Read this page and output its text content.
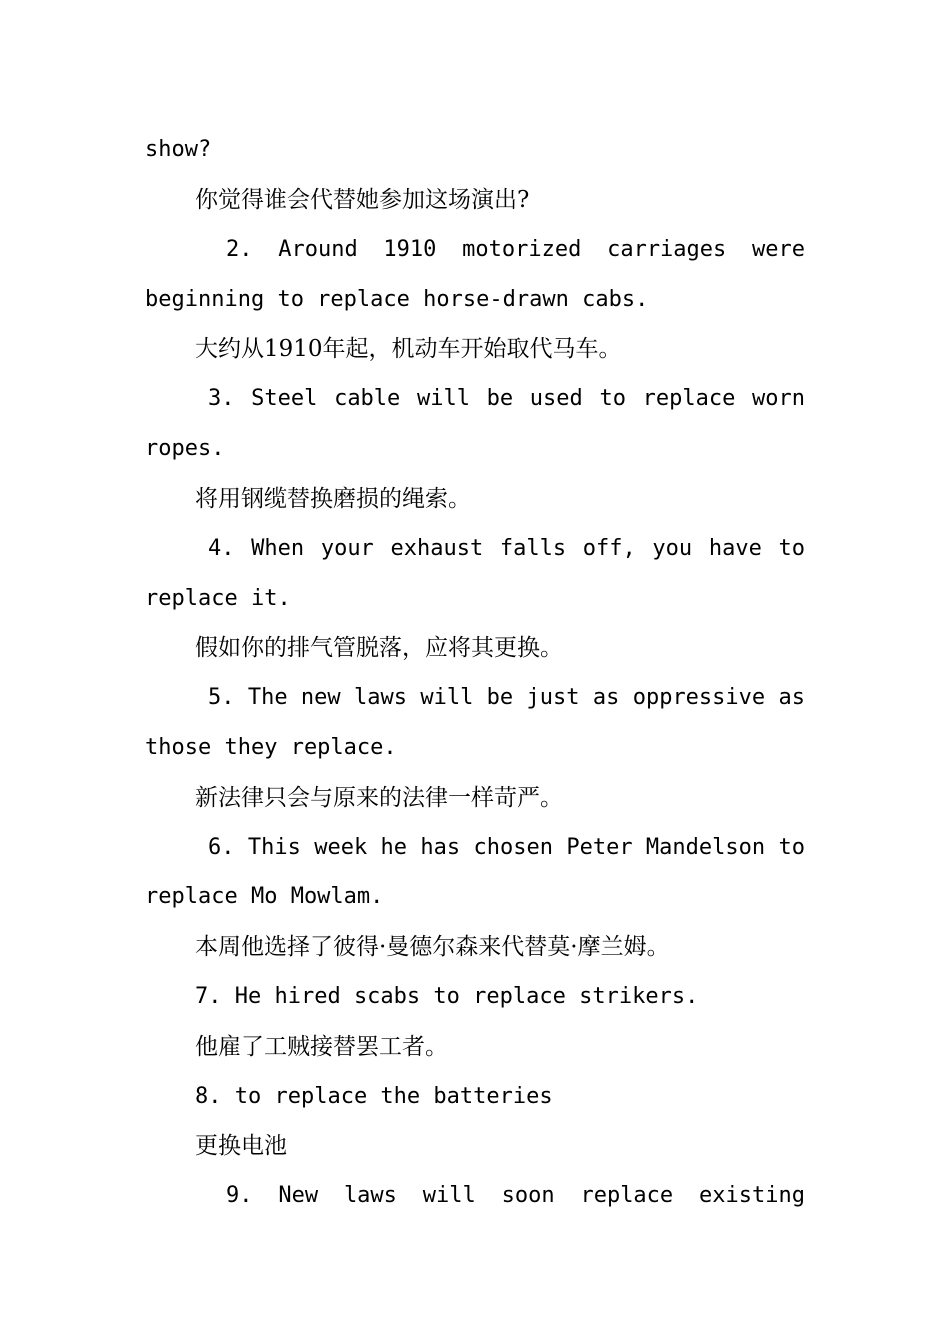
show?
你觉得谁会代替她参加这场演出?
2. Around 1910 motorized carriages were
beginning to replace horse-drawn cabs.
大约从1910年起，机动车开始取代马车。
3. Steel cable will be used to replace worn
ropes.
将用钢缆替换磨损的绳索。
4. When your exhaust falls off, you have to
replace it.
假如你的排气管脱落，应将其更换。
5. The new laws will be just as oppressive as
those they replace.
新法律只会与原来的法律一样苛严。
6. This week he has chosen Peter Mandelson to
replace Mo Mowlam.
本周他选择了彼得·曼德尔森来代替莫·摩兰姆。
7. He hired scabs to replace strikers.
他雇了工贼接替罢工者。
8. to replace the batteries
更换电池
9. New laws will soon replace existing
